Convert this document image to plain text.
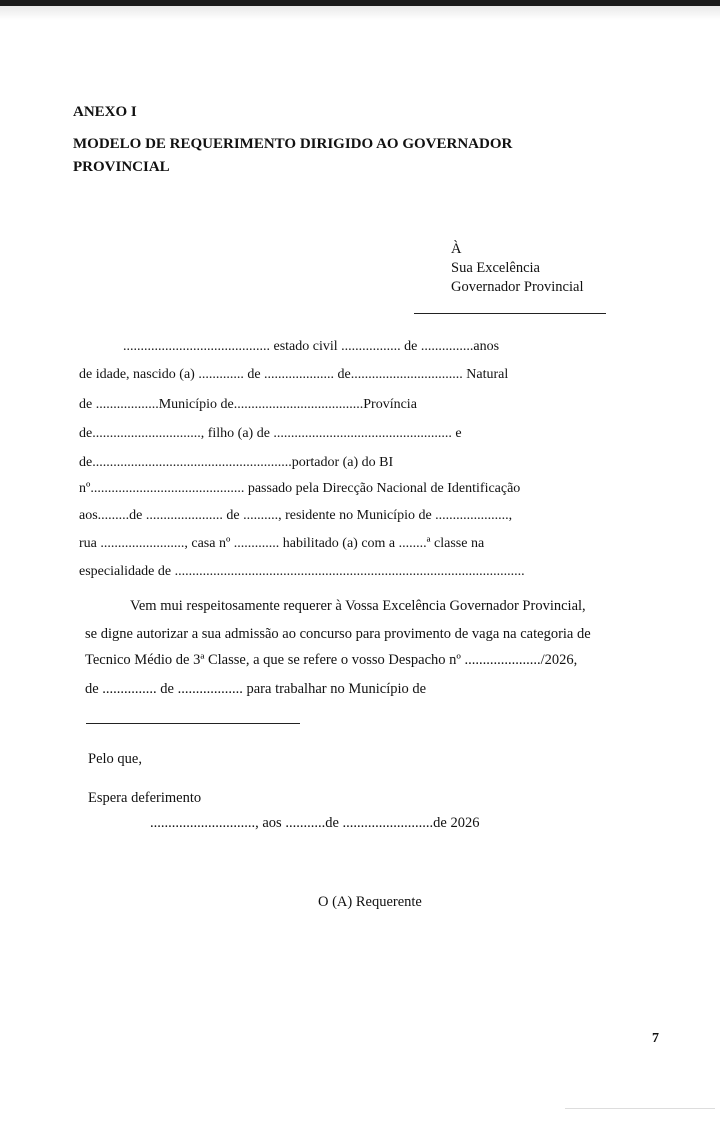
ANEXO I
MODELO DE REQUERIMENTO DIRIGIDO AO GOVERNADOR
PROVINCIAL
À
Sua Excelência
Governador Provincial
.......................................... estado civil ................. de ...............anos
de idade, nascido (a) ............. de .................... de................................ Natural
de ..................Município de.....................................Província
de..............................., filho (a) de ................................................... e
de.........................................................portador (a) do BI
nº............................................ passado pela Direcção Nacional de Identificação
aos.........de ...................... de .........., residente no Município de .....................,
rua ........................, casa nº ............. habilitado (a) com a ........ª classe na
especialidade de ....................................................................................................
Vem mui respeitosamente requerer à Vossa Excelência Governador Provincial,
se digne autorizar a sua admissão ao concurso para provimento de vaga na categoria de
Tecnico Médio de 3ª Classe, a que se refere o vosso Despacho nº ...................../2026,
de ............... de .................. para trabalhar no Município de
Pelo que,
Espera deferimento
............................., aos ...........de .........................de 2026
O (A) Requerente
7
